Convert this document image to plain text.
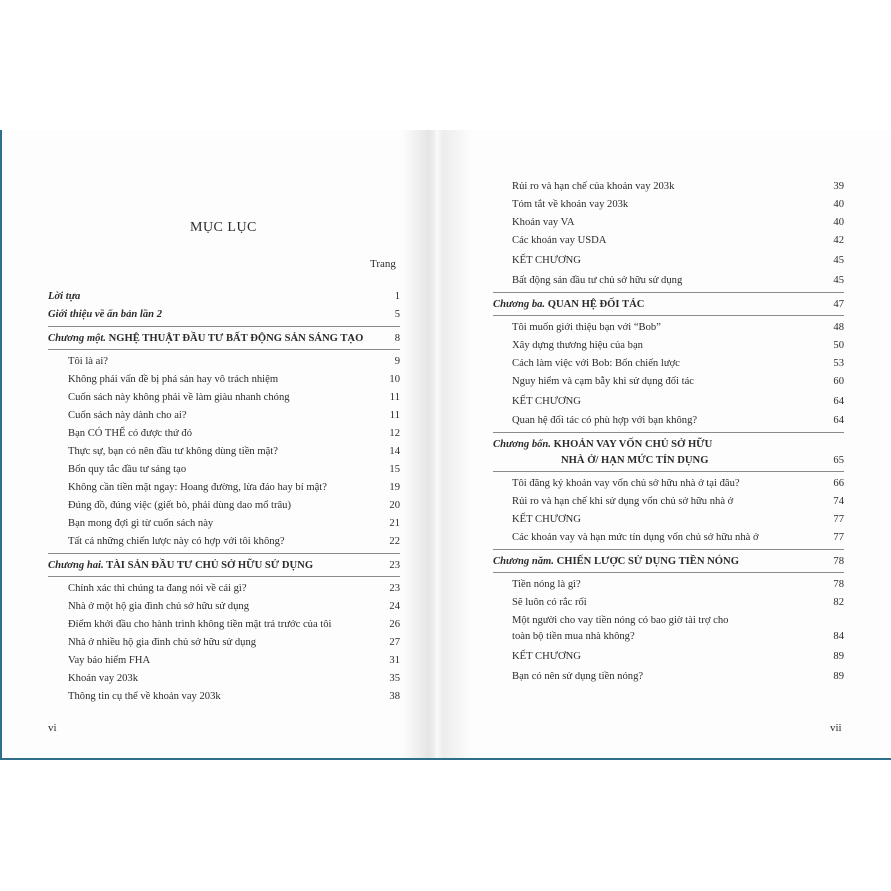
MỤC LỤC
Trang
Lời tựa	1
Giới thiệu về ấn bản lần 2	5
Chương một. NGHỆ THUẬT ĐẦU TƯ BẤT ĐỘNG SẢN SÁNG TẠO	8
Tôi là ai?	9
Không phải vấn đề bị phá sản hay vô trách nhiệm	10
Cuốn sách này không phải về làm giàu nhanh chóng	11
Cuốn sách này dành cho ai?	11
Bạn CÓ THỂ có được thứ đó	12
Thực sự, bạn có nên đầu tư không dùng tiền mặt?	14
Bốn quy tắc đầu tư sáng tạo	15
Không cần tiền mặt ngay: Hoang đường, lừa đảo hay bí mật?	19
Đúng đồ, đúng việc (giết bò, phải dùng dao mổ trâu)	20
Bạn mong đợi gì từ cuốn sách này	21
Tất cả những chiến lược này có hợp với tôi không?	22
Chương hai. TÀI SẢN ĐẦU TƯ CHỦ SỞ HỮU SỬ DỤNG	23
Chính xác thì chúng ta đang nói về cái gì?	23
Nhà ở một hộ gia đình chủ sở hữu sử dụng	24
Điểm khởi đầu cho hành trình không tiền mặt trả trước của tôi	26
Nhà ở nhiều hộ gia đình chủ sở hữu sử dụng	27
Vay bảo hiểm FHA	31
Khoản vay 203k	35
Thông tin cụ thể về khoản vay 203k	38
vi
Rủi ro và hạn chế của khoản vay 203k	39
Tóm tắt về khoản vay 203k	40
Khoản vay VA	40
Các khoản vay USDA	42
KẾT CHƯƠNG	45
Bất động sản đầu tư chủ sở hữu sử dụng	45
Chương ba. QUAN HỆ ĐỐI TÁC	47
Tôi muốn giới thiệu bạn với “Bob”	48
Xây dựng thương hiệu của bạn	50
Cách làm việc với Bob: Bốn chiến lược	53
Nguy hiểm và cạm bẫy khi sử dụng đối tác	60
KẾT CHƯƠNG	64
Quan hệ đối tác có phù hợp với bạn không?	64
Chương bốn. KHOẢN VAY VỐN CHỦ SỞ HỮU
NHÀ Ở/ HẠN MỨC TÍN DỤNG	65
Tôi đăng ký khoản vay vốn chủ sở hữu nhà ở tại đâu?	66
Rủi ro và hạn chế khi sử dụng vốn chủ sở hữu nhà ở	74
KẾT CHƯƠNG	77
Các khoản vay và hạn mức tín dụng vốn chủ sở hữu nhà ở	77
Chương năm. CHIẾN LƯỢC SỬ DỤNG TIỀN NÓNG	78
Tiền nóng là gì?	78
Sẽ luôn có rắc rối	82
Một người cho vay tiền nóng có bao giờ tài trợ cho
toàn bộ tiền mua nhà không?	84
KẾT CHƯƠNG	89
Bạn có nên sử dụng tiền nóng?	89
vii
